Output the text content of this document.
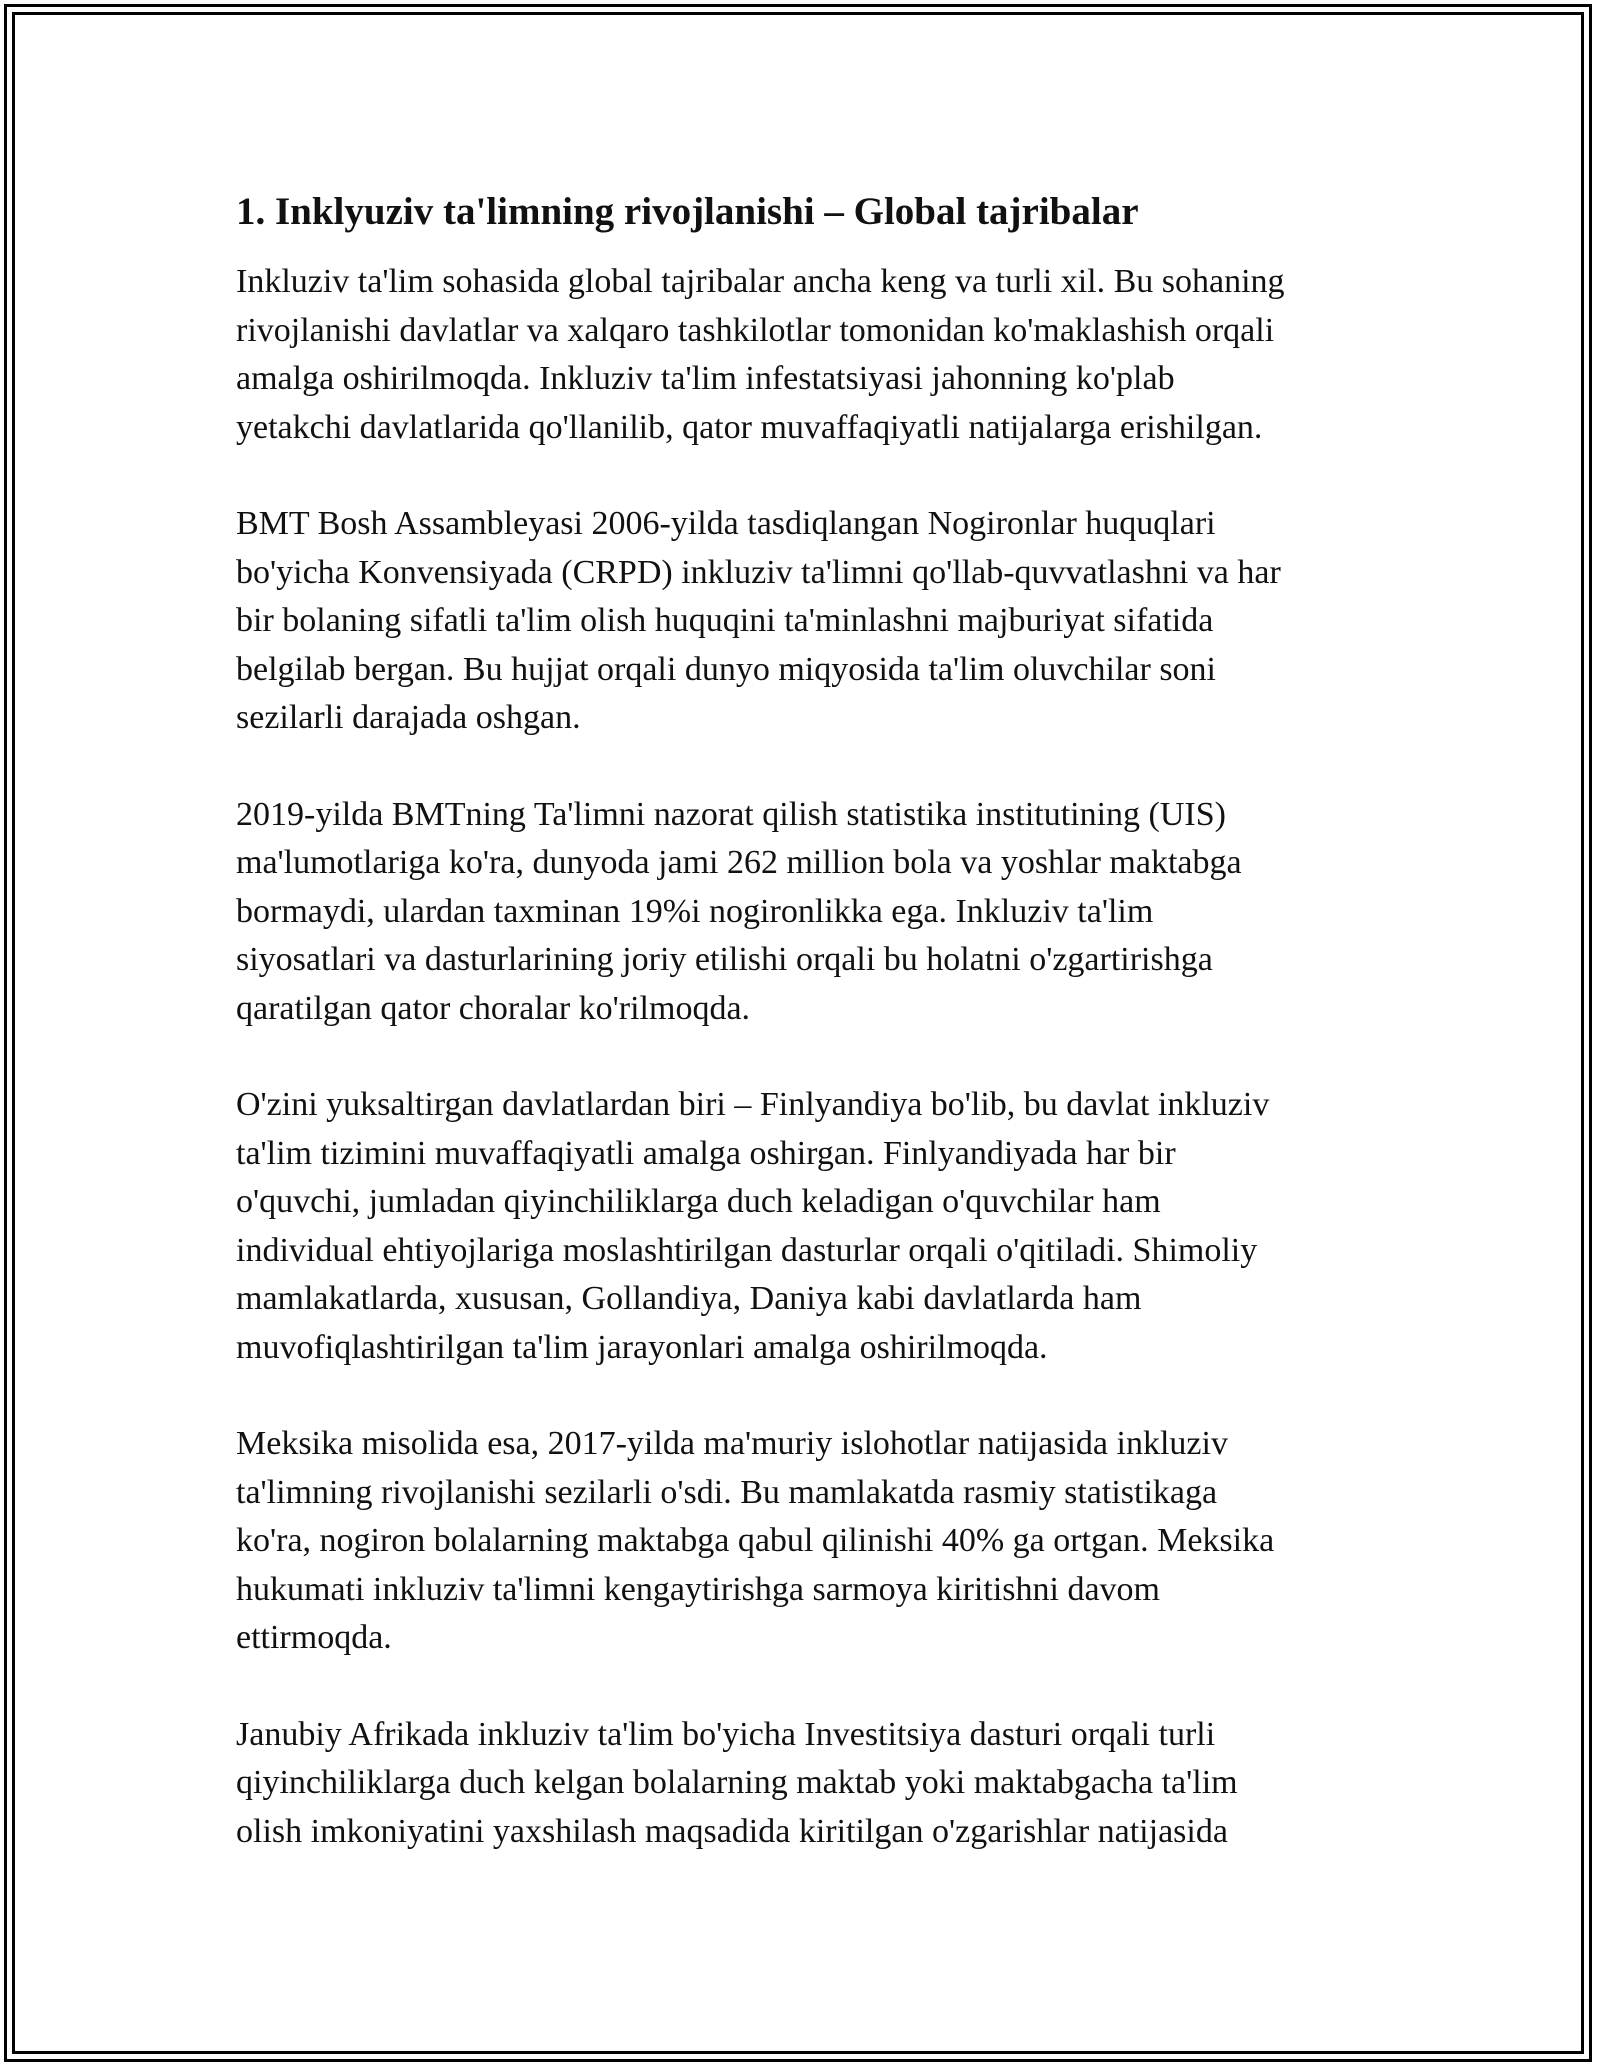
1. Inklyuziv ta'limning rivojlanishi – Global tajribalar

Inkluziv ta'lim sohasida global tajribalar ancha keng va turli xil. Bu sohaning
rivojlanishi davlatlar va xalqaro tashkilotlar tomonidan ko'maklashish orqali
amalga oshirilmoqda. Inkluziv ta'lim infestatsiyasi jahonning ko'plab
yetakchi davlatlarida qo'llanilib, qator muvaffaqiyatli natijalarga erishilgan.

BMT Bosh Assambleyasi 2006-yilda tasdiqlangan Nogironlar huquqlari
bo'yicha Konvensiyada (CRPD) inkluziv ta'limni qo'llab-quvvatlashni va har
bir bolaning sifatli ta'lim olish huquqini ta'minlashni majburiyat sifatida
belgilab bergan. Bu hujjat orqali dunyo miqyosida ta'lim oluvchilar soni
sezilarli darajada oshgan.

2019-yilda BMTning Ta'limni nazorat qilish statistika institutining (UIS)
ma'lumotlariga ko'ra, dunyoda jami 262 million bola va yoshlar maktabga
bormaydi, ulardan taxminan 19%i nogironlikka ega. Inkluziv ta'lim
siyosatlari va dasturlarining joriy etilishi orqali bu holatni o'zgartirishga
qaratilgan qator choralar ko'rilmoqda.

O'zini yuksaltirgan davlatlardan biri – Finlyandiya bo'lib, bu davlat inkluziv
ta'lim tizimini muvaffaqiyatli amalga oshirgan. Finlyandiyada har bir
o'quvchi, jumladan qiyinchiliklarga duch keladigan o'quvchilar ham
individual ehtiyojlariga moslashtirilgan dasturlar orqali o'qitiladi. Shimoliy
mamlakatlarda, xususan, Gollandiya, Daniya kabi davlatlarda ham
muvofiqlashtirilgan ta'lim jarayonlari amalga oshirilmoqda.

Meksika misolida esa, 2017-yilda ma'muriy islohotlar natijasida inkluziv
ta'limning rivojlanishi sezilarli o'sdi. Bu mamlakatda rasmiy statistikaga
ko'ra, nogiron bolalarning maktabga qabul qilinishi 40% ga ortgan. Meksika
hukumati inkluziv ta'limni kengaytirishga sarmoya kiritishni davom
ettirmoqda.

Janubiy Afrikada inkluziv ta'lim bo'yicha Investitsiya dasturi orqali turli
qiyinchiliklarga duch kelgan bolalarning maktab yoki maktabgacha ta'lim
olish imkoniyatini yaxshilash maqsadida kiritilgan o'zgarishlar natijasida
